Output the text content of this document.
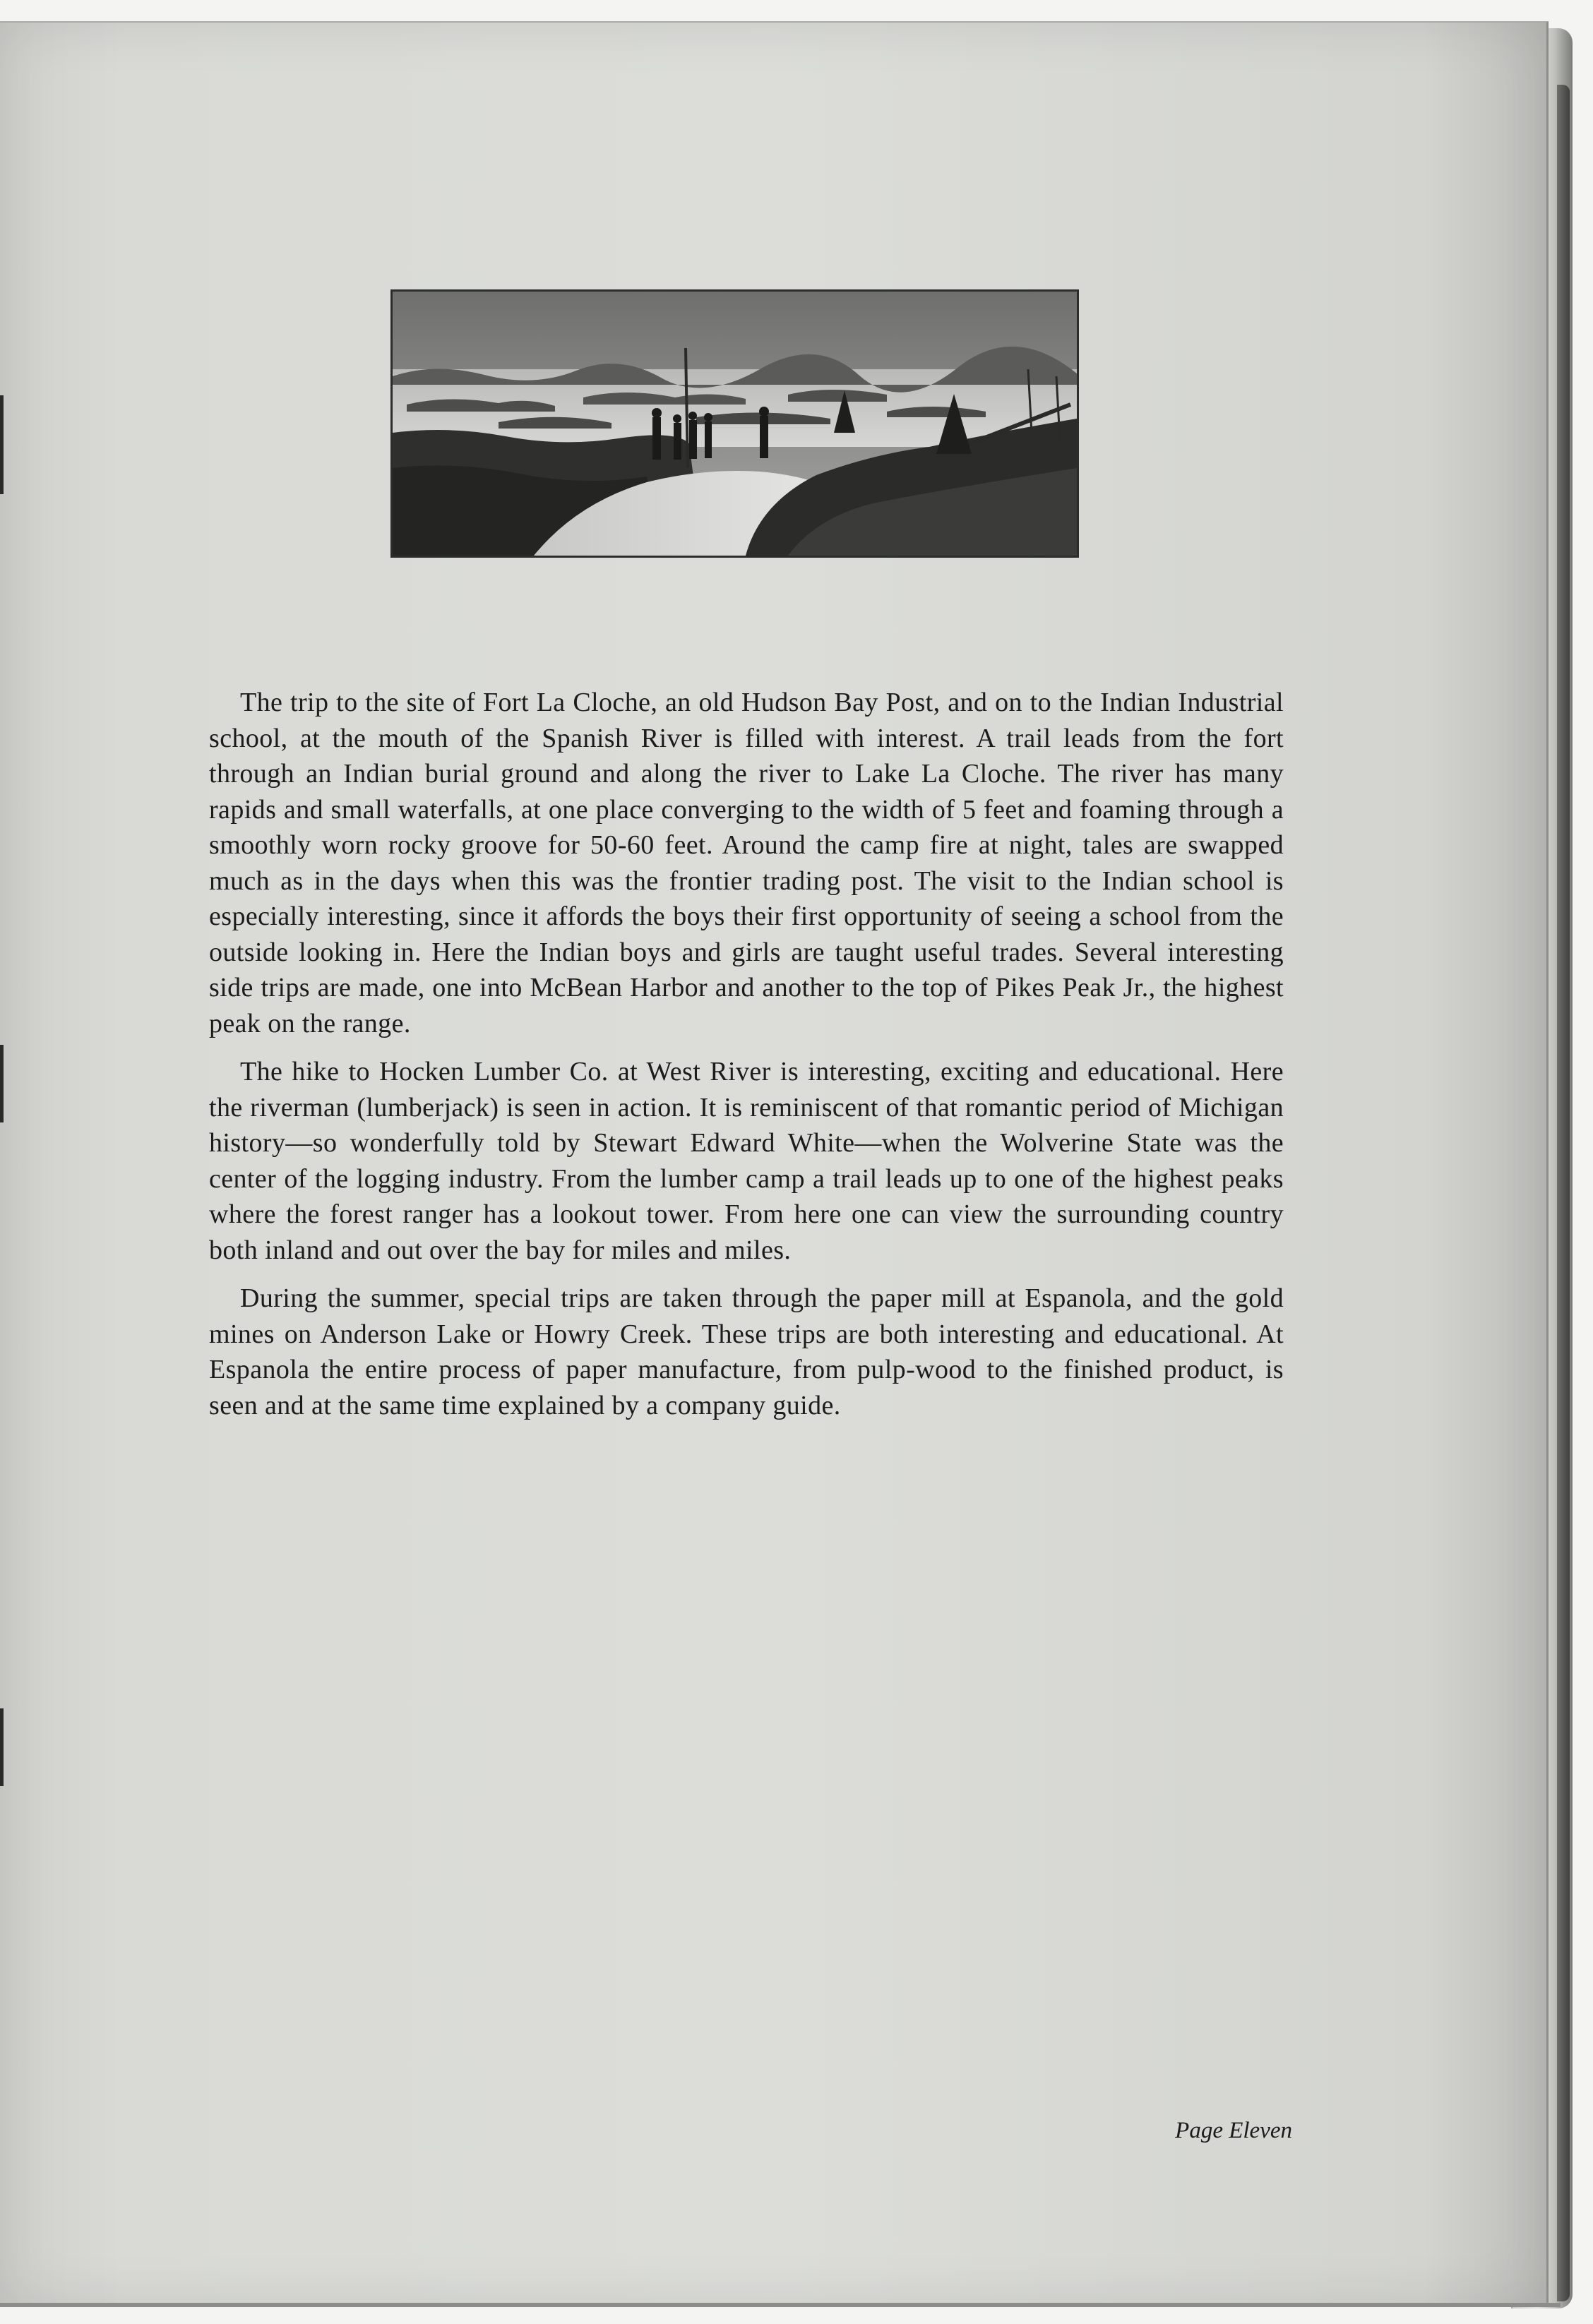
The trip to the site of Fort La Cloche, an old Hudson Bay Post, and on to the Indian Industrial school, at the mouth of the Spanish River is filled with interest. A trail leads from the fort through an Indian burial ground and along the river to Lake La Cloche. The river has many rapids and small waterfalls, at one place converging to the width of 5 feet and foaming through a smoothly worn rocky groove for 50-60 feet. Around the camp fire at night, tales are swapped much as in the days when this was the frontier trading post. The visit to the Indian school is especially interesting, since it affords the boys their first opportunity of seeing a school from the outside looking in. Here the Indian boys and girls are taught useful trades. Several interesting side trips are made, one into McBean Harbor and another to the top of Pikes Peak Jr., the highest peak on the range.

The hike to Hocken Lumber Co. at West River is interesting, exciting and educational. Here the riverman (lumberjack) is seen in action. It is reminiscent of that romantic period of Michigan history—so wonderfully told by Stewart Edward White—when the Wolverine State was the center of the logging industry. From the lumber camp a trail leads up to one of the highest peaks where the forest ranger has a lookout tower. From here one can view the surrounding country both inland and out over the bay for miles and miles.

During the summer, special trips are taken through the paper mill at Espanola, and the gold mines on Anderson Lake or Howry Creek. These trips are both interesting and educational. At Espanola the entire process of paper manufacture, from pulp-wood to the finished product, is seen and at the same time explained by a company guide.

Page Eleven
